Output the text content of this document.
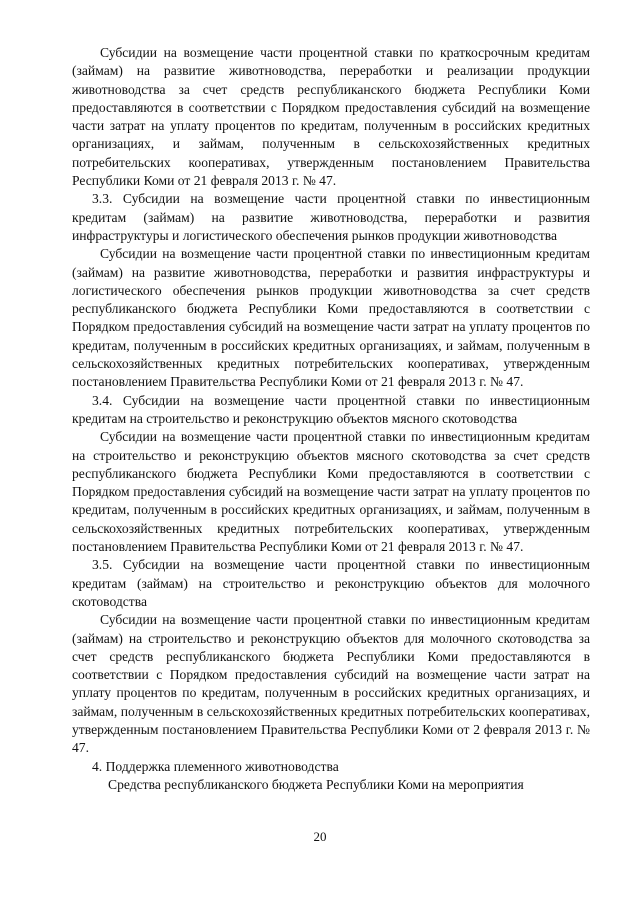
Субсидии на возмещение части процентной ставки по краткосрочным кредитам (займам) на развитие животноводства, переработки и реализации продукции животноводства за счет средств республиканского бюджета Республики Коми предоставляются в соответствии с Порядком предоставления субсидий на возмещение части затрат на уплату процентов по кредитам, полученным в российских кредитных организациях, и займам, полученным в сельскохозяйственных кредитных потребительских кооперативах, утвержденным постановлением Правительства Республики Коми от 21 февраля 2013 г. № 47.

3.3. Субсидии на возмещение части процентной ставки по инвестиционным кредитам (займам) на развитие животноводства, переработки и развития инфраструктуры и логистического обеспечения рынков продукции животноводства

Субсидии на возмещение части процентной ставки по инвестиционным кредитам (займам) на развитие животноводства, переработки и развития инфраструктуры и логистического обеспечения рынков продукции животноводства за счет средств республиканского бюджета Республики Коми предоставляются в соответствии с Порядком предоставления субсидий на возмещение части затрат на уплату процентов по кредитам, полученным в российских кредитных организациях, и займам, полученным в сельскохозяйственных кредитных потребительских кооперативах, утвержденным постановлением Правительства Республики Коми от 21 февраля 2013 г. № 47.

3.4. Субсидии на возмещение части процентной ставки по инвестиционным кредитам на строительство и реконструкцию объектов мясного скотоводства

Субсидии на возмещение части процентной ставки по инвестиционным кредитам на строительство и реконструкцию объектов мясного скотоводства за счет средств республиканского бюджета Республики Коми предоставляются в соответствии с Порядком предоставления субсидий на возмещение части затрат на уплату процентов по кредитам, полученным в российских кредитных организациях, и займам, полученным в сельскохозяйственных кредитных потребительских кооперативах, утвержденным постановлением Правительства Республики Коми от 21 февраля 2013 г. № 47.

3.5. Субсидии на возмещение части процентной ставки по инвестиционным кредитам (займам) на строительство и реконструкцию объектов для молочного скотоводства

Субсидии на возмещение части процентной ставки по инвестиционным кредитам (займам) на строительство и реконструкцию объектов для молочного скотоводства за счет средств республиканского бюджета Республики Коми предоставляются в соответствии с Порядком предоставления субсидий на возмещение части затрат на уплату процентов по кредитам, полученным в российских кредитных организациях, и займам, полученным в сельскохозяйственных кредитных потребительских кооперативах, утвержденным постановлением Правительства Республики Коми от 2 февраля 2013 г. № 47.

4. Поддержка племенного животноводства

Средства республиканского бюджета Республики Коми на мероприятия

20
